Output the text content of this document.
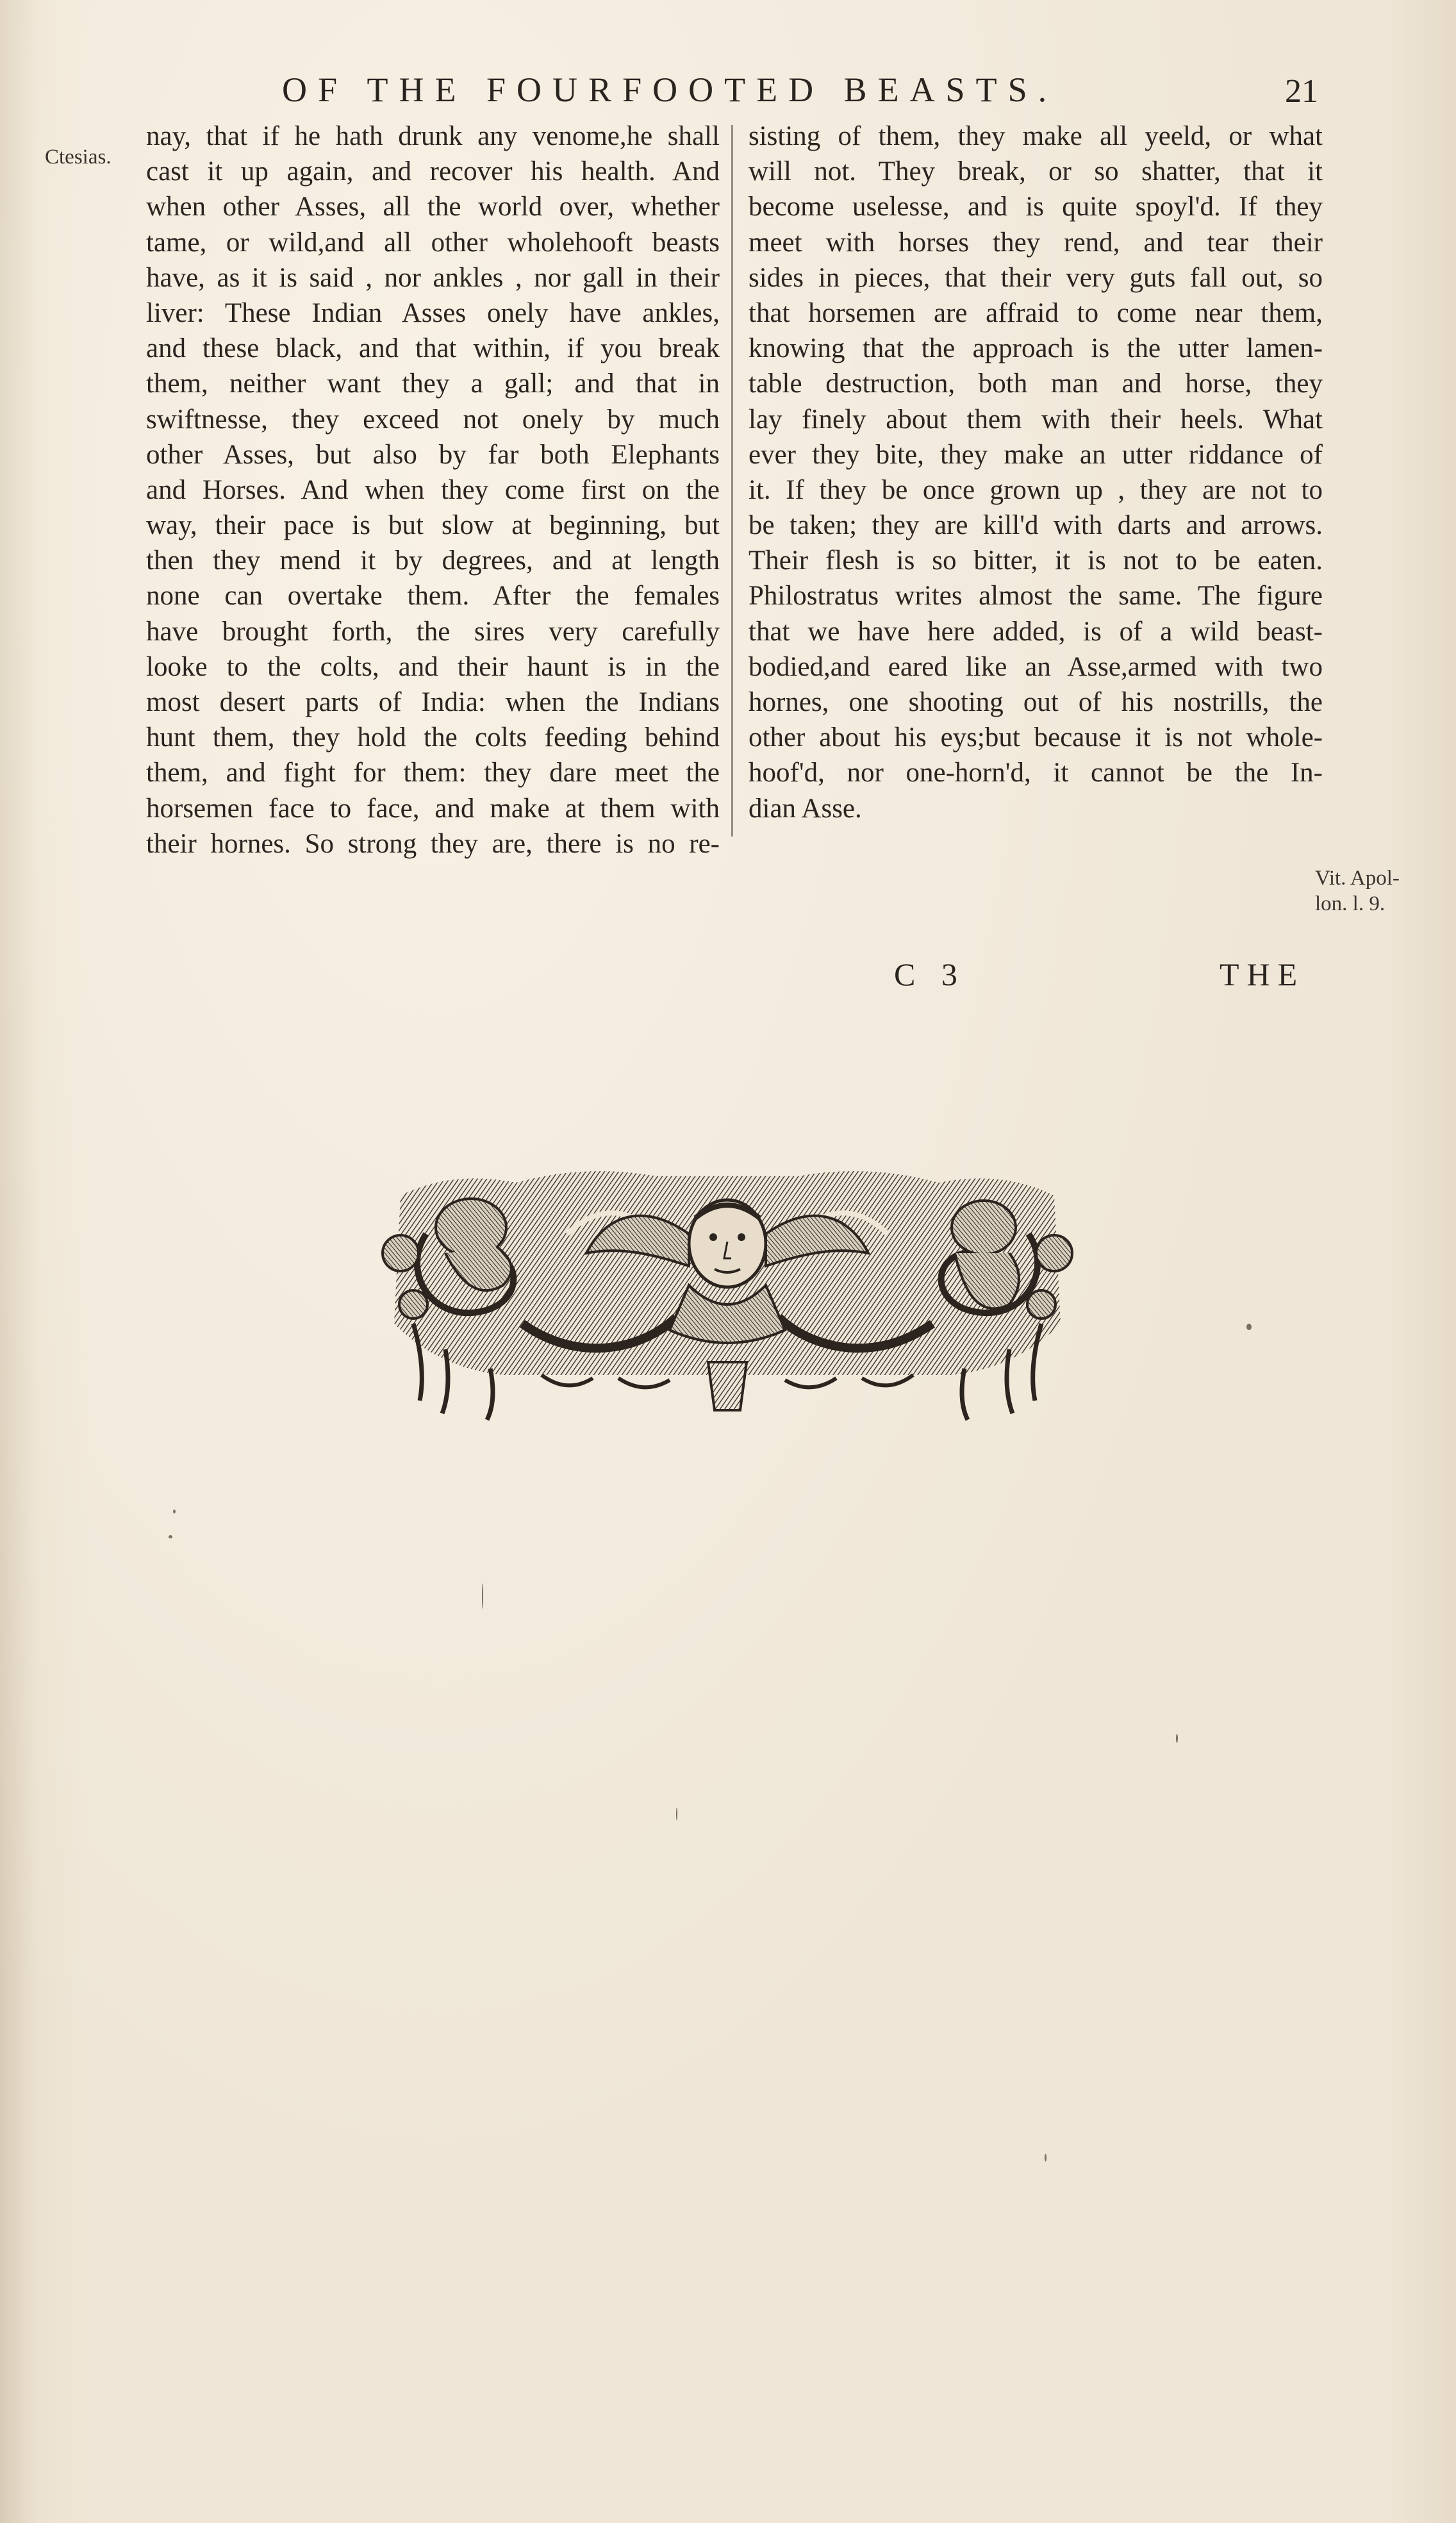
OF THE FOURFOOTED BEASTS.	21
Ctesias.
nay, that if he hath drunk any venome,he shall
cast it up again, and recover his health. And
when other Asses, all the world over, whether
tame, or wild,and all other wholehooft beasts
have, as it is said , nor ankles , nor gall in their
liver: These Indian Asses onely have ankles,
and these black, and that within, if you break
them, neither want they a gall; and that in
swiftnesse, they exceed not onely by much
other Asses, but also by far both Elephants
and Horses. And when they come first on the
way, their pace is but slow at beginning, but
then they mend it by degrees, and at length
none can overtake them. After the females
have brought forth, the sires very carefully
looke to the colts, and their haunt is in the
most desert parts of India: when the Indians
hunt them, they hold the colts feeding behind
them, and fight for them: they dare meet the
horsemen face to face, and make at them with
their hornes. So strong they are, there is no re-
sisting of them, they make all yeeld, or what
will not. They break, or so shatter, that it
become uselesse, and is quite spoyl'd. If they
meet with horses they rend, and tear their
sides in pieces, that their very guts fall out, so
that horsemen are affraid to come near them,
knowing that the approach is the utter lamen-
table destruction, both man and horse, they
lay finely about them with their heels. What
ever they bite, they make an utter riddance of
it. If they be once grown up , they are not to
be taken; they are kill'd with darts and arrows.
Their flesh is so bitter, it is not to be eaten.
Philostratus writes almost the same. The figure
that we have here added, is of a wild beast-
bodied,and eared like an Asse,armed with two
hornes, one shooting out of his nostrills, the
other about his eys;but because it is not whole-
hoof'd, nor one-horn'd, it cannot be the In-
dian Asse.
Vit. Apol-
lon. l. 9.
C 3	THE
